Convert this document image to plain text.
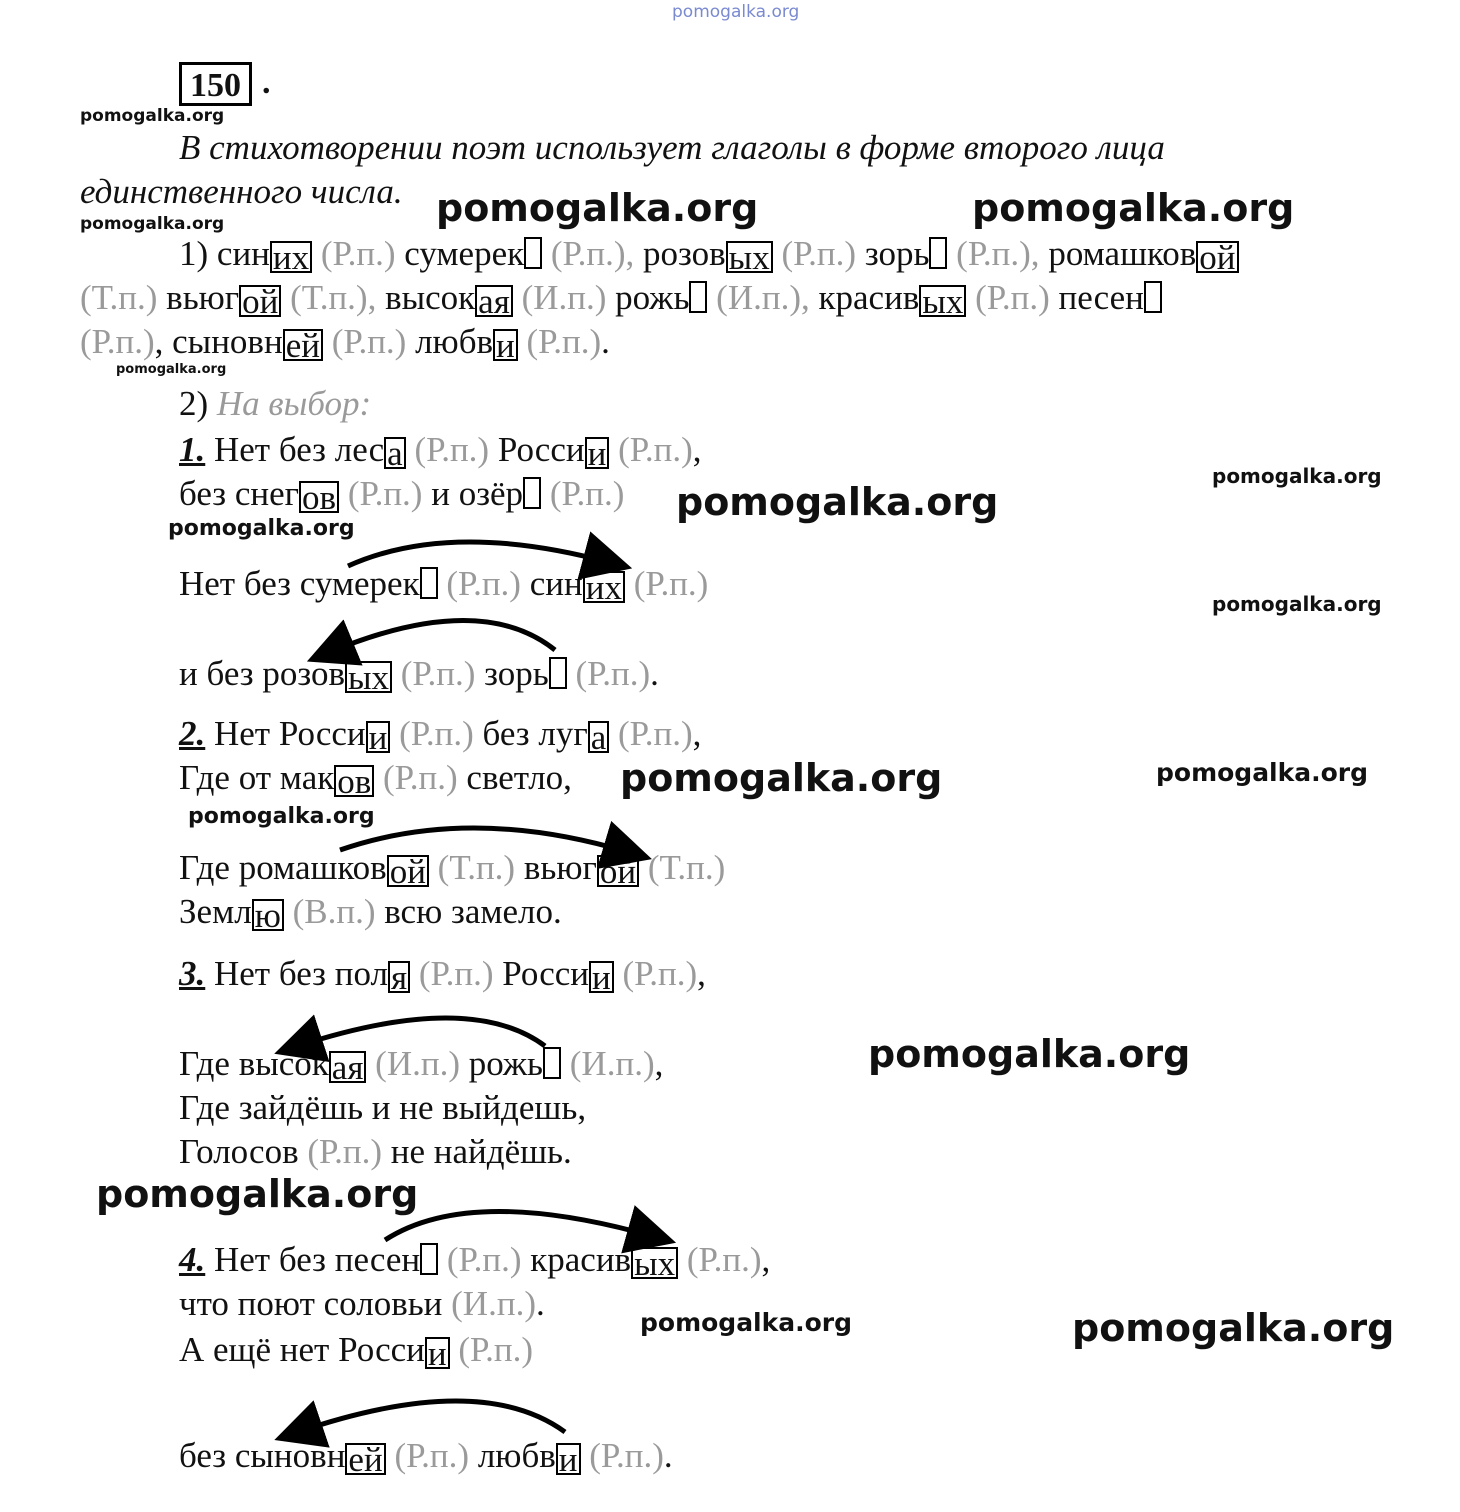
pomogalka.org
150 .
В стихотворении поэт использует глаголы в форме второго лица
единственного числа.
1) синих (Р.п.) сумерек (Р.п.), розовых (Р.п.) зорь (Р.п.), ромашковой
(Т.п.) вьюгой (Т.п.), высокая (И.п.) рожь (И.п.), красивых (Р.п.) песен
(Р.п.), сыновней (Р.п.) любви (Р.п.).
2) На выбор:
1. Нет без леса (Р.п.) России (Р.п.),
без снегов (Р.п.) и озёр (Р.п.)
Нет без сумерек (Р.п.) синих (Р.п.)
и без розовых (Р.п.) зорь (Р.п.).
2. Нет России (Р.п.) без луга (Р.п.),
Где от маков (Р.п.) светло,
Где ромашковой (Т.п.) вьюгой (Т.п.)
Землю (В.п.) всю замело.
3. Нет без поля (Р.п.) России (Р.п.),
Где высокая (И.п.) рожь (И.п.),
Где зайдёшь и не выйдешь,
Голосов (Р.п.) не найдёшь.
4. Нет без песен (Р.п.) красивых (Р.п.),
что поют соловьи (И.п.).
А ещё нет России (Р.п.)
без сыновней (Р.п.) любви (Р.п.).
pomogalka.org
pomogalka.org	pomogalka.org	pomogalka.org
pomogalka.org
pomogalka.org
pomogalka.org
pomogalka.org
pomogalka.org
pomogalka.org	pomogalka.org
pomogalka.org
pomogalka.org
pomogalka.org
pomogalka.org	pomogalka.org
